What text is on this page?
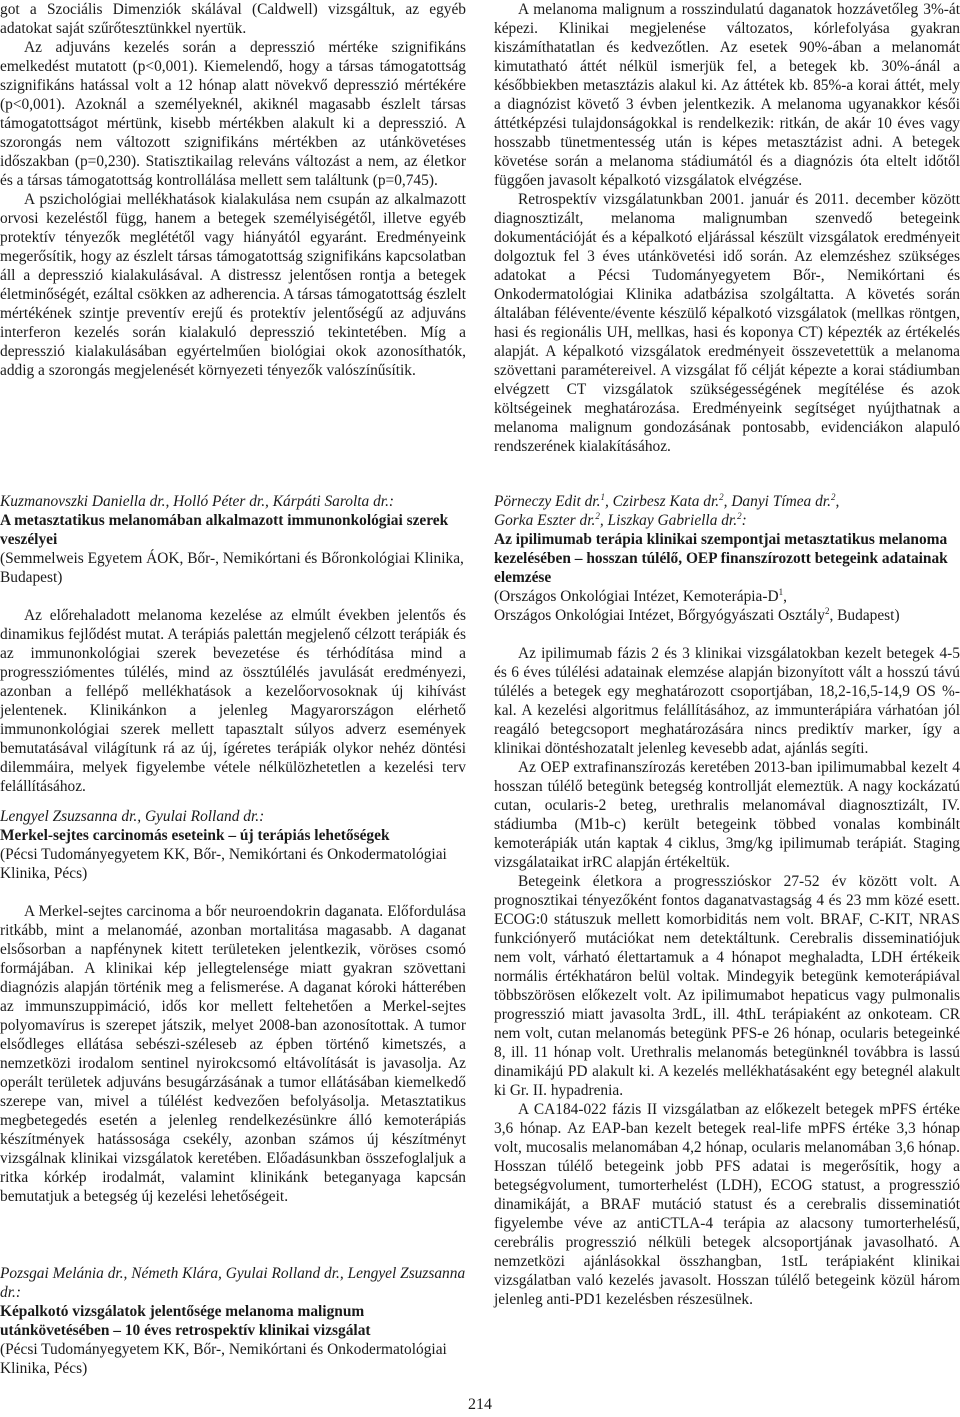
got a Szociális Dimenziók skálával (Caldwell) vizsgáltuk, az egyéb adatokat saját szűrőtesztünkkel nyertük.

Az adjuváns kezelés során a depresszió mértéke szignifikáns emelkedést mutatott (p<0,001). Kiemelendő, hogy a társas támogatottság szignifikáns hatással volt a 12 hónap alatt növekvő depresszió mértékére (p<0,001). Azoknál a személyeknél, akiknél magasabb észlelt társas támogatottságot mértünk, kisebb mértékben alakult ki a depresszió. A szorongás nem változott szignifikáns mértékben az utánkövetéses időszakban (p=0,230). Statisztikailag releváns változást a nem, az életkor és a társas támogatottság kontrollálása mellett sem találtunk (p=0,745).

A pszichológiai mellékhatások kialakulása nem csupán az alkalmazott orvosi kezeléstől függ, hanem a betegek személyiségétől, illetve egyéb protektív tényezők meglététől vagy hiányától egyaránt. Eredményeink megerősítik, hogy az észlelt társas támogatottság szignifikáns kapcsolatban áll a depresszió kialakulásával. A distressz jelentősen rontja a betegek életminőségét, ezáltal csökken az adherencia. A társas támogatottság észlelt mértékének szintje preventív erejű és protektív jelentőségű az adjuváns interferon kezelés során kialakuló depresszió tekintetében. Míg a depresszió kialakulásában egyértelműen biológiai okok azonosíthatók, addig a szorongás megjelenését környezeti tényezők valószínűsítik.

Kuzmanovszki Daniella dr., Holló Péter dr., Kárpáti Sarolta dr.:
A metasztatikus melanomában alkalmazott immunonkológiai szerek veszélyei
(Semmelweis Egyetem ÁOK, Bőr-, Nemikórtani és Bőronkológiai Klinika, Budapest)

Az előrehaladott melanoma kezelése az elmúlt években jelentős és dinamikus fejlődést mutat. A terápiás palettán megjelenő célzott terápiák és az immunonkológiai szerek bevezetése és térhódítása mind a progressziómentes túlélés, mind az össztúlélés javulását eredményezi, azonban a fellépő mellékhatások a kezelőorvosoknak új kihívást jelentenek. Klinikánkon a jelenleg Magyarországon elérhető immunonkológiai szerek mellett tapasztalt súlyos adverz események bemutatásával világítunk rá az új, ígéretes terápiák olykor nehéz döntési dilemmáira, melyek figyelembe vétele nélkülözhetetlen a kezelési terv felállításához.

Lengyel Zsuzsanna dr., Gyulai Rolland dr.:
Merkel-sejtes carcinomás eseteink – új terápiás lehetőségek
(Pécsi Tudományegyetem KK, Bőr-, Nemikórtani és Onkodermatológiai Klinika, Pécs)

A Merkel-sejtes carcinoma a bőr neuroendokrin daganata. Előfordulása ritkább, mint a melanomáé, azonban mortalitása magasabb. A daganat elsősorban a napfénynek kitett területeken jelentkezik, vöröses csomó formájában. A klinikai kép jellegtelensége miatt gyakran szövettani diagnózis alapján történik meg a felismerése. A daganat kóroki hátterében az immunszuppimáció, idős kor mellett feltehetően a Merkel-sejtes polyomavírus is szerepet játszik, melyet 2008-ban azonosítottak. A tumor elsődleges ellátása sebészi-széleseb az épben történő kimetszés, a nemzetközi irodalom sentinel nyirokcsomó eltávolítását is javasolja. Az operált területek adjuváns besugárzásának a tumor ellátásában kiemelkedő szerepe van, mivel a túlélést kedvezően befolyásolja. Metasztatikus megbetegedés esetén a jelenleg rendelkezésünkre álló kemoterápiás készítmények hatássosága csekély, azonban számos új készítményt vizsgálnak klinikai vizsgálatok keretében. Előadásunkban összefoglaljuk a ritka kórkép irodalmát, valamint klinikánk beteganyaga kapcsán bemutatjuk a betegség új kezelési lehetőségeit.

Pozsgai Melánia dr., Németh Klára, Gyulai Rolland dr., Lengyel Zsuzsanna dr.:
Képalkotó vizsgálatok jelentősége melanoma malignum utánkövetésében – 10 éves retrospektív klinikai vizsgálat
(Pécsi Tudományegyetem KK, Bőr-, Nemikórtani és Onkodermatológiai Klinika, Pécs)

A melanoma malignum a rosszindulatú daganatok hozzávetőleg 3%-át képezi. Klinikai megjelenése változatos, kórlefolyása gyakran kiszámíthatatlan és kedvezőtlen. Az esetek 90%-ában a melanomát kimutatható áttét nélkül ismerjük fel, a betegek kb. 30%-ánál a későbbiekben metasztázis alakul ki. Az áttétek kb. 85%-a korai áttét, mely a diagnózist követő 3 évben jelentkezik. A melanoma ugyanakkor késői áttétképzési tulajdonságokkal is rendelkezik: ritkán, de akár 10 éves vagy hosszabb tünetmentesség után is képes metasztázist adni. A betegek követése során a melanoma stádiumától és a diagnózis óta eltelt időtől függően javasolt képalkotó vizsgálatok elvégzése.

Retrospektív vizsgálatunkban 2001. január és 2011. december között diagnosztizált, melanoma malignumban szenvedő betegeink dokumentációját és a képalkotó eljárással készült vizsgálatok eredményeit dolgoztuk fel 3 éves utánkövetési idő során. Az elemzéshez szükséges adatokat a Pécsi Tudományegyetem Bőr-, Nemikórtani és Onkodermatológiai Klinika adatbázisa szolgáltatta. A követés során általában félévente/évente készülő képalkotó vizsgálatok (mellkas röntgen, hasi és regionális UH, mellkas, hasi és koponya CT) képezték az értékelés alapját. A képalkotó vizsgálatok eredményeit összevetettük a melanoma szövettani paramétereivel. A vizsgálat fő célját képezte a korai stádiumban elvégzett CT vizsgálatok szükségességének megítélése és azok költségeinek meghatározása. Eredményeink segítséget nyújthatnak a melanoma malignum gondozásának pontosabb, evidenciákon alapuló rendszerének kialakításához.

Pörneczy Edit dr.$^1$, Czirbesz Kata dr.$^2$, Danyi Tímea dr.$^2$,
Gorka Eszter dr.$^2$, Liszkay Gabriella dr.$^2$:
Az ipilimumab terápia klinikai szempontjai metasztatikus melanoma kezelésében – hosszan túlélő, OEP finanszírozott betegeink adatainak elemzése
(Országos Onkológiai Intézet, Kemoterápia-$D^1$,
Országos Onkológiai Intézet, Bőrgyógyászati Osztály$^2$, Budapest)

Az ipilimumab fázis 2 és 3 klinikai vizsgálatokban kezelt betegek 4-5 és 6 éves túlélési adatainak elemzése alapján bizonyított vált a hosszú távú túlélés a betegek egy meghatározott csoportjában, 18,2-16,5-14,9 OS %-kal. A kezelési algoritmus felállításához, az immunterápiára várhatóan jól reagáló betegcsoport meghatározására nincs prediktív marker, így a klinikai döntéshozatalt jelenleg kevesebb adat, ajánlás segíti.

Az OEP extrafinanszírozás keretében 2013-ban ipilimumabbal kezelt 4 hosszan túlélő betegünk betegség kontrollját elemeztük. A nagy kockázatú cutan, ocularis-2 beteg, urethralis melanomával diagnosztizált, IV. stádiumba (M1b-c) került betegeink többed vonalas kombinált kemoterápiák után kaptak 4 ciklus, 3mg/kg ipilimumab terápiát. Staging vizsgálataikat irRC alapján értékeltük.

Betegeink életkora a progresszióskor 27-52 év között volt. A prognosztikai tényezőként fontos daganatvastagság 4 és 23 mm közé esett. ECOG:0 státuszuk mellett komorbiditás nem volt. BRAF, C-KIT, NRAS funkciónyerő mutációkat nem detektáltunk. Cerebralis disseminatiójuk nem volt, várható élettartamuk a 4 hónapot meghaladta, LDH értékeik normális értékhatáron belül voltak. Mindegyik betegünk kemoterápiával többszörösen előkezelt volt. Az ipilimumabot hepaticus vagy pulmonalis progresszió miatt javasolta 3rdL, ill. 4thL terápiaként az onkoteam. CR nem volt, cutan melanomás betegünk PFS-e 26 hónap, ocularis betegeinké 8, ill. 11 hónap volt. Urethralis melanomás betegünknél továbbra is lassú dinamikájú PD alakult ki. A kezelés mellékhatásaként egy betegnél alakult ki Gr. II. hypadrenia.

A CA184-022 fázis II vizsgálatban az előkezelt betegek mPFS értéke 3,6 hónap. Az EAP-ban kezelt betegek real-life mPFS értéke 3,3 hónap volt, mucosalis melanomában 4,2 hónap, ocularis melanomában 3,6 hónap. Hosszan túlélő betegeink jobb PFS adatai is megerősítik, hogy a betegségvolument, tumorterhelést (LDH), ECOG statust, a progresszió dinamikáját, a BRAF mutáció statust és a cerebralis disseminatiót figyelembe véve az antiCTLA-4 terápia az alacsony tumorterhelésű, cerebrális progresszió nélküli betegek alcsoportjának javasolható. A nemzetközi ajánlásokkal összhangban, 1stL terápiaként klinikai vizsgálatban való kezelés javasolt. Hosszan túlélő betegeink közül három jelenleg anti-PD1 kezelésben részesülnek.

214
